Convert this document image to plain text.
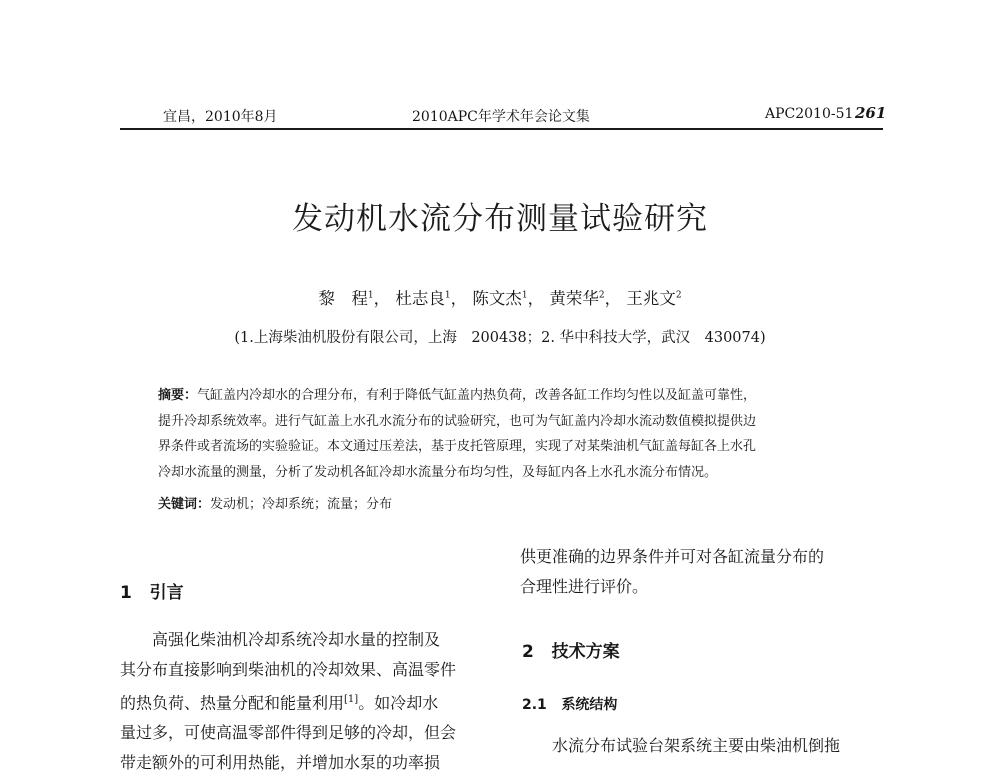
宜昌，2010年8月	2010APC年学术年会论文集	APC2010-51 261
发动机水流分布测量试验研究
黎　程$^1$， 杜志良$^1$， 陈文杰$^1$， 黄荣华$^2$， 王兆文$^2$
(1.上海柴油机股份有限公司，上海　200438；2. 华中科技大学，武汉　430074)
摘要：气缸盖内冷却水的合理分布，有利于降低气缸盖内热负荷，改善各缸工作均匀性以及缸盖可靠性，
提升冷却系统效率。进行气缸盖上水孔水流分布的试验研究，也可为气缸盖内冷却水流动数值模拟提供边
界条件或者流场的实验验证。本文通过压差法，基于皮托管原理，实现了对某柴油机气缸盖每缸各上水孔
冷却水流量的测量，分析了发动机各缸冷却水流量分布均匀性，及每缸内各上水孔水流分布情况。
关键词：发动机；冷却系统；流量；分布
1 引言
高强化柴油机冷却系统冷却水量的控制及
其分布直接影响到柴油机的冷却效果、高温零件
的热负荷、热量分配和能量利用[1]。如冷却水
量过多，可使高温零部件得到足够的冷却，但会
带走额外的可利用热能，并增加水泵的功率损
供更准确的边界条件并可对各缸流量分布的
合理性进行评价。
2 技术方案
2.1 系统结构
水流分布试验台架系统主要由柴油机倒拖
